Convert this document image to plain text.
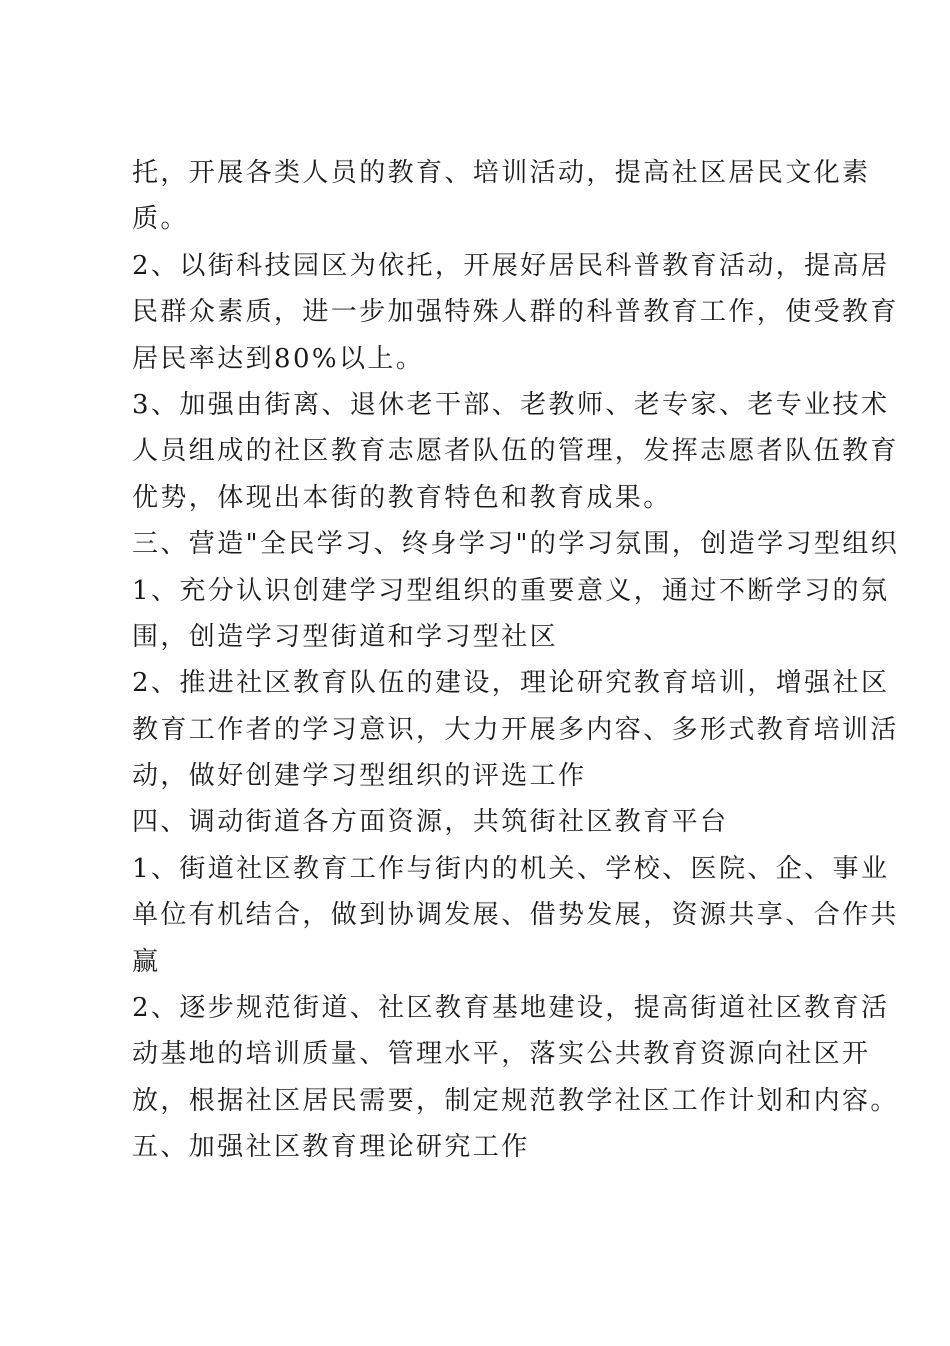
托，开展各类人员的教育、培训活动，提高社区居民文化素
质。
2、以街科技园区为依托，开展好居民科普教育活动，提高居
民群众素质，进一步加强特殊人群的科普教育工作，使受教育
居民率达到80%以上。
3、加强由街离、退休老干部、老教师、老专家、老专业技术
人员组成的社区教育志愿者队伍的管理，发挥志愿者队伍教育
优势，体现出本街的教育特色和教育成果。
三、营造"全民学习、终身学习"的学习氛围，创造学习型组织
1、充分认识创建学习型组织的重要意义，通过不断学习的氛
围，创造学习型街道和学习型社区
2、推进社区教育队伍的建设，理论研究教育培训，增强社区
教育工作者的学习意识，大力开展多内容、多形式教育培训活
动，做好创建学习型组织的评选工作
四、调动街道各方面资源，共筑街社区教育平台
1、街道社区教育工作与街内的机关、学校、医院、企、事业
单位有机结合，做到协调发展、借势发展，资源共享、合作共
赢
2、逐步规范街道、社区教育基地建设，提高街道社区教育活
动基地的培训质量、管理水平，落实公共教育资源向社区开
放，根据社区居民需要，制定规范教学社区工作计划和内容。
五、加强社区教育理论研究工作
